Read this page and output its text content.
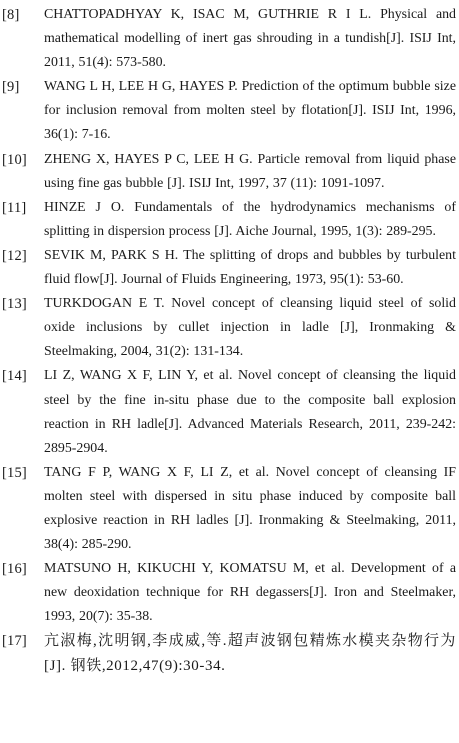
[8]	CHATTOPADHYAY K, ISAC M, GUTHRIE R I L. Physical and mathematical modelling of inert gas shrouding in a tundish[J]. ISIJ Int, 2011, 51(4): 573-580.
[9]	WANG L H, LEE H G, HAYES P. Prediction of the optimum bubble size for inclusion removal from molten steel by flotation[J]. ISIJ Int, 1996, 36(1): 7-16.
[10]	ZHENG X, HAYES P C, LEE H G. Particle removal from liquid phase using fine gas bubble [J]. ISIJ Int, 1997, 37 (11): 1091-1097.
[11]	HINZE J O. Fundamentals of the hydrodynamics mechanisms of splitting in dispersion process [J]. Aiche Journal, 1995, 1(3): 289-295.
[12]	SEVIK M, PARK S H. The splitting of drops and bubbles by turbulent fluid flow[J]. Journal of Fluids Engineering, 1973, 95(1): 53-60.
[13]	TURKDOGAN E T. Novel concept of cleansing liquid steel of solid oxide inclusions by cullet injection in ladle [J], Ironmaking & Steelmaking, 2004, 31(2): 131-134.
[14]	LI Z, WANG X F, LIN Y, et al. Novel concept of cleansing the liquid steel by the fine in-situ phase due to the composite ball explosion reaction in RH ladle[J]. Advanced Materials Research, 2011, 239-242: 2895-2904.
[15]	TANG F P, WANG X F, LI Z, et al. Novel concept of cleansing IF molten steel with dispersed in situ phase induced by composite ball explosive reaction in RH ladles [J]. Ironmaking & Steelmaking, 2011, 38(4): 285-290.
[16]	MATSUNO H, KIKUCHI Y, KOMATSU M, et al. Development of a new deoxidation technique for RH degassers[J]. Iron and Steelmaker, 1993, 20(7): 35-38.
[17]	亢淑梅,沈明钢,李成威,等.超声波钢包精炼水模夹杂物行为[J]. 钢铁,2012,47(9):30-34.
